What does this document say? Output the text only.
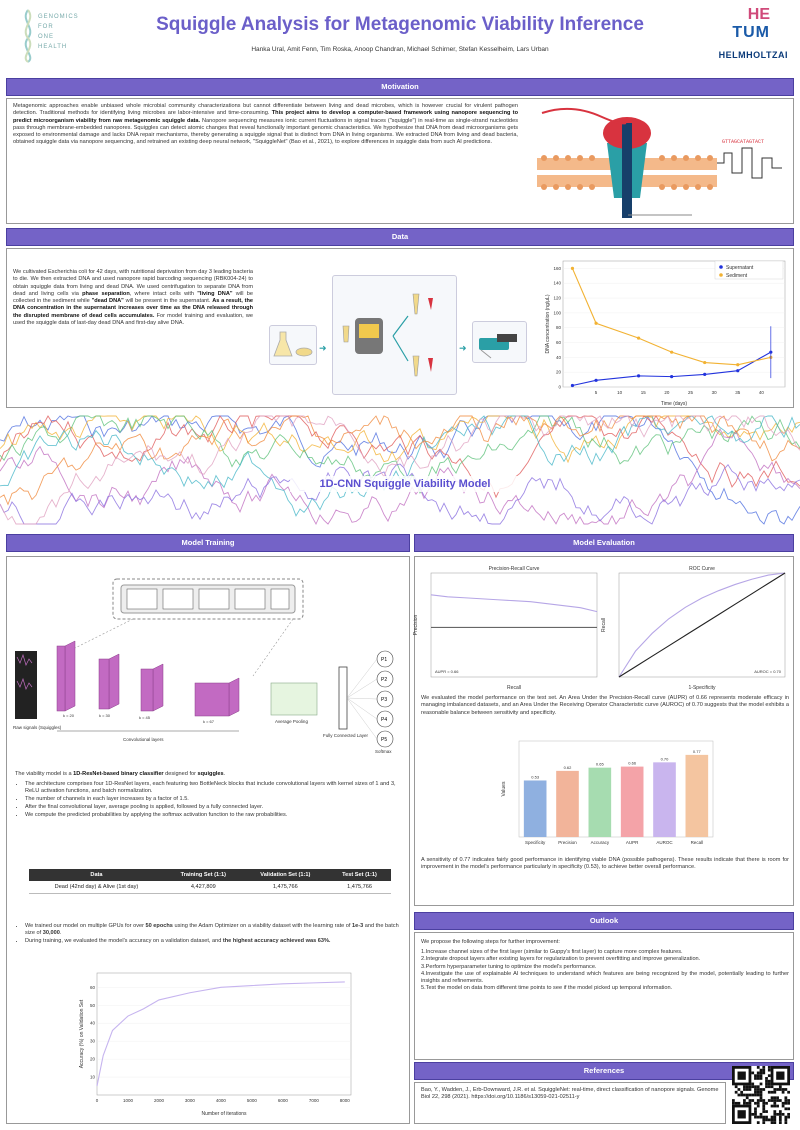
GENOMICS
FOR
ONE
HEALTH
Squiggle Analysis for Metagenomic Viability Inference
Hanka Ural, Amit Fenn, Tim Roska, Anoop Chandran, Michael Schirner, Stefan Kesselheim, Lars Urban
HE
TUM
HELMHOLTZAI
Motivation
Metagenomic approaches enable unbiased whole microbial community characterizations but cannot differentiate between living and dead microbes, which is however crucial for virulent pathogen detection. Traditional methods for identifying living microbes are labor-intensive and time-consuming. This project aims to develop a computer-based framework using nanopore sequencing to predict microorganism viability from raw metagenomic squiggle data. Nanopore sequencing measures ionic current fluctuations in signal traces ("squiggle") in real-time as single-strand nucleotides pass through membrane-embedded nanopores. Squiggles can detect atomic changes that reveal functionally important genomic characteristics. We hypothesize that DNA from dead microorganisms gets exposed to environmental damage and lacks DNA repair mechanisms, thereby generating a squiggle signal that is distinct from DNA in living organisms. We extracted DNA from living and dead bacteria, obtained squiggle data via nanopore sequencing, and retrained an existing deep neural network, "SquiggleNet" (Bao et al., 2021), to explore differences in squiggle data from such AI predictions.	GTTAGCATAGTACT
Data
We cultivated Escherichia coli for 42 days, with nutritional deprivation from day 3 leading bacteria to die. We then extracted DNA and used nanopore rapid barcoding sequencing (RBK004-24) to obtain squiggle data from living and dead DNA. We used centrifugation to separate DNA from dead and living cells via phase separation, where intact cells with "living DNA" will be collected in the sediment while "dead DNA" will be present in the supernatant. As a result, the DNA concentration in the supernatant increases over time as the DNA released through the disrupted membrane of dead cells accumulates. For model training and evaluation, we used the squiggle data of last-day dead DNA and first-day alive DNA.
➜	➜
5	10	15	20	25	30	35	40
0
20
40
60
80
100
120
140
160
Time (days)
DNA concentration (ng/μL)
Supernatant
Sediment
1D-CNN Squiggle Viability Model
Model Training
P1
P2
P3
P4
P5
Raw signals (Squiggles)
k = 20	k = 30	k = 45
k = 67
Convolutional layers
Average Pooling
Fully Connected Layer
Softmax
The viability model is a 1D-ResNet-based binary classifier designed for squiggles.
• The architecture comprises four 1D-ResNet layers, each featuring two BottleNeck blocks that include convolutional layers with kernel sizes of 1 and 3, ReLU activation functions, and batch normalization.
• The number of channels in each layer increases by a factor of 1.5.
• After the final convolutional layer, average pooling is applied, followed by a fully connected layer.
• We compute the predicted probabilities by applying the softmax activation function to the raw probabilities.
Data	Training Set (1:1)	Validation Set (1:1)	Test Set (1:1)
Dead (42nd day) & Alive (1st day)	4,427,809	1,475,766	1,475,766
• We trained our model on multiple GPUs for over 50 epochs using the Adam Optimizer on a viability dataset with the learning rate of 1e-3 and the batch size of 30,000.
• During training, we evaluated the model's accuracy on a validation dataset, and the highest accuracy achieved was 63%.
0	1000	2000	3000	4000	5000	6000	7000	8000
10
20
30
40
50
60
Number of iterations
Accuracy (%) on Validation Set
Model Evaluation
Precision-Recall Curve
Recall
Precision
AUPR = 0.66
ROC Curve
1-Specificity
Recall
AUROC = 0.70
We evaluated the model performance on the test set. An Area Under the Precision-Recall curve (AUPR) of 0.66 represents moderate efficacy in managing imbalanced datasets, and an Area Under the Receiving Operator Characteristic curve (AUROC) of 0.70 suggests that the model exhibits a reasonable balance between sensitivity and specificity.
Values
0.53
Specificity
0.62
Precision
0.65
Accuracy
0.66
AUPR
0.70
AUROC
0.77
Recall
A sensitivity of 0.77 indicates fairly good performance in identifying viable DNA (possible pathogens). These results indicate that there is room for improvement in the model's performance particularly in specificity (0.53), to achieve better overall performance.
Outlook
We propose the following steps for further improvement:
1.Increase channel sizes of the first layer (similar to Guppy's first layer) to capture more complex features.
2.Integrate dropout layers after existing layers for regularization to prevent overfitting and improve generalization.
3.Perform hyperparameter tuning to optimize the model's performance.
4.Investigate the use of explainable AI techniques to understand which features are being recognized by the model, potentially leading to further insights and refinements.
5.Test the model on data from different time points to see if the model picked up temporal information.
References
Bao, Y., Wadden, J., Erb-Downward, J.R. et al. SquiggleNet: real-time, direct classification of nanopore signals. Genome Biol 22, 298 (2021). https://doi.org/10.1186/s13059-021-02511-y
